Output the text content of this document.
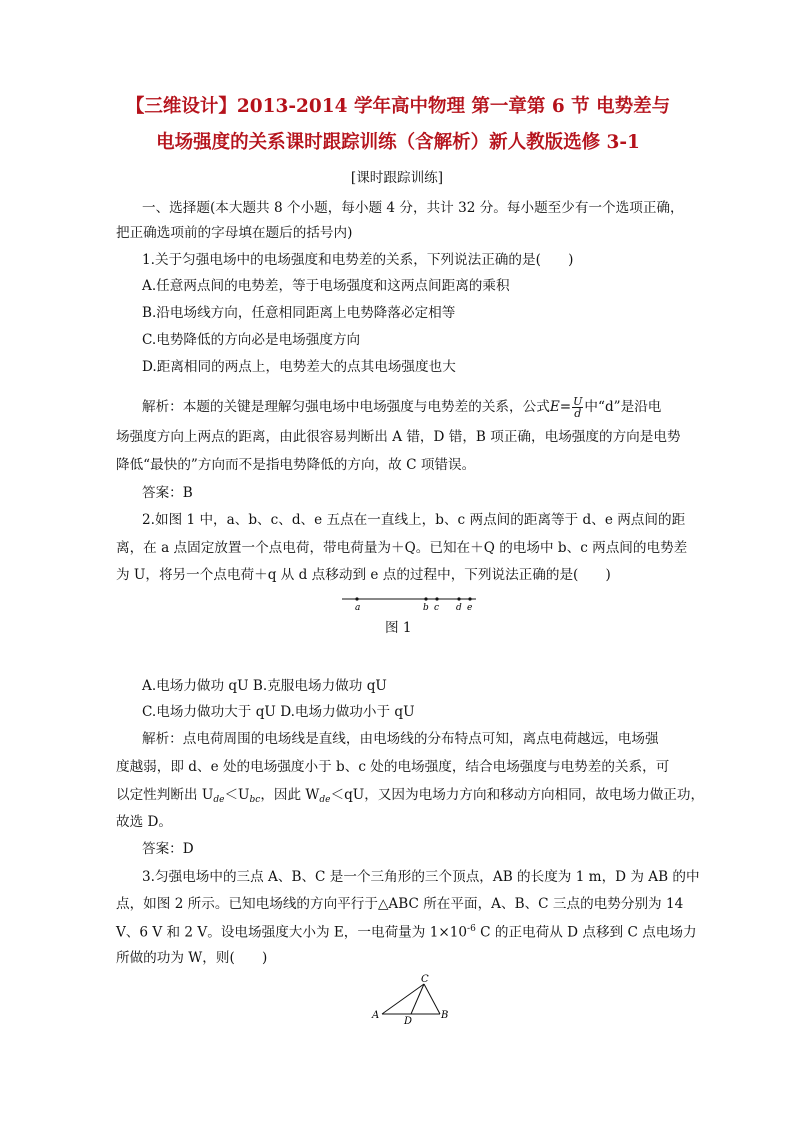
【三维设计】2013-2014 学年高中物理 第一章第 6 节 电势差与
电场强度的关系课时跟踪训练（含解析）新人教版选修 3-1
[课时跟踪训练]
一、选择题(本大题共 8 个小题，每小题 4 分，共计 32 分。每小题至少有一个选项正确，
把正确选项前的字母填在题后的括号内)
1.关于匀强电场中的电场强度和电势差的关系，下列说法正确的是(　　)
A.任意两点间的电势差，等于电场强度和这两点间距离的乘积
B.沿电场线方向，任意相同距离上电势降落必定相等
C.电势降低的方向必是电场强度方向
D.距离相同的两点上，电势差大的点其电场强度也大
解析：本题的关键是理解匀强电场中电场强度与电势差的关系，公式$E= \frac{U}{d}$ 中“d”是沿电
场强度方向上两点的距离，由此很容易判断出 A 错，D 错，B 项正确，电场强度的方向是电势
降低“最快的”方向而不是指电势降低的方向，故 C 项错误。
答案：B
2.如图 1 中，a、b、c、d、e 五点在一直线上，b、c 两点间的距离等于 d、e 两点间的距
离，在 a 点固定放置一个点电荷，带电荷量为＋Q。已知在＋Q 的电场中 b、c 两点间的电势差
为 U，将另一个点电荷＋q 从 d 点移动到 e 点的过程中，下列说法正确的是(　　)
a	b c d e
图 1
A.电场力做功 qU B.克服电场力做功 qU
C.电场力做功大于 qU D.电场力做功小于 qU
解析：点电荷周围的电场线是直线，由电场线的分布特点可知，离点电荷越远，电场强
度越弱，即 d、e 处的电场强度小于 b、c 处的电场强度，结合电场强度与电势差的关系，可
以定性判断出 $U_{de}<U_{bc}$，因此 $W_{de}<qU$，又因为电场力方向和移动方向相同，故电场力做正功，
故选 D。
答案：D
3.匀强电场中的三点 A、B、C 是一个三角形的三个顶点，AB 的长度为 1 m，D 为 AB 的中
点，如图 2 所示。已知电场线的方向平行于△ABC 所在平面，A、B、C 三点的电势分别为 14
V、6 V 和 2 V。设电场强度大小为 E，一电荷量为 $1\times 10^{-6}$ C 的正电荷从 D 点移到 C 点电场力
所做的功为 W，则(　　)
C
A
D
B
